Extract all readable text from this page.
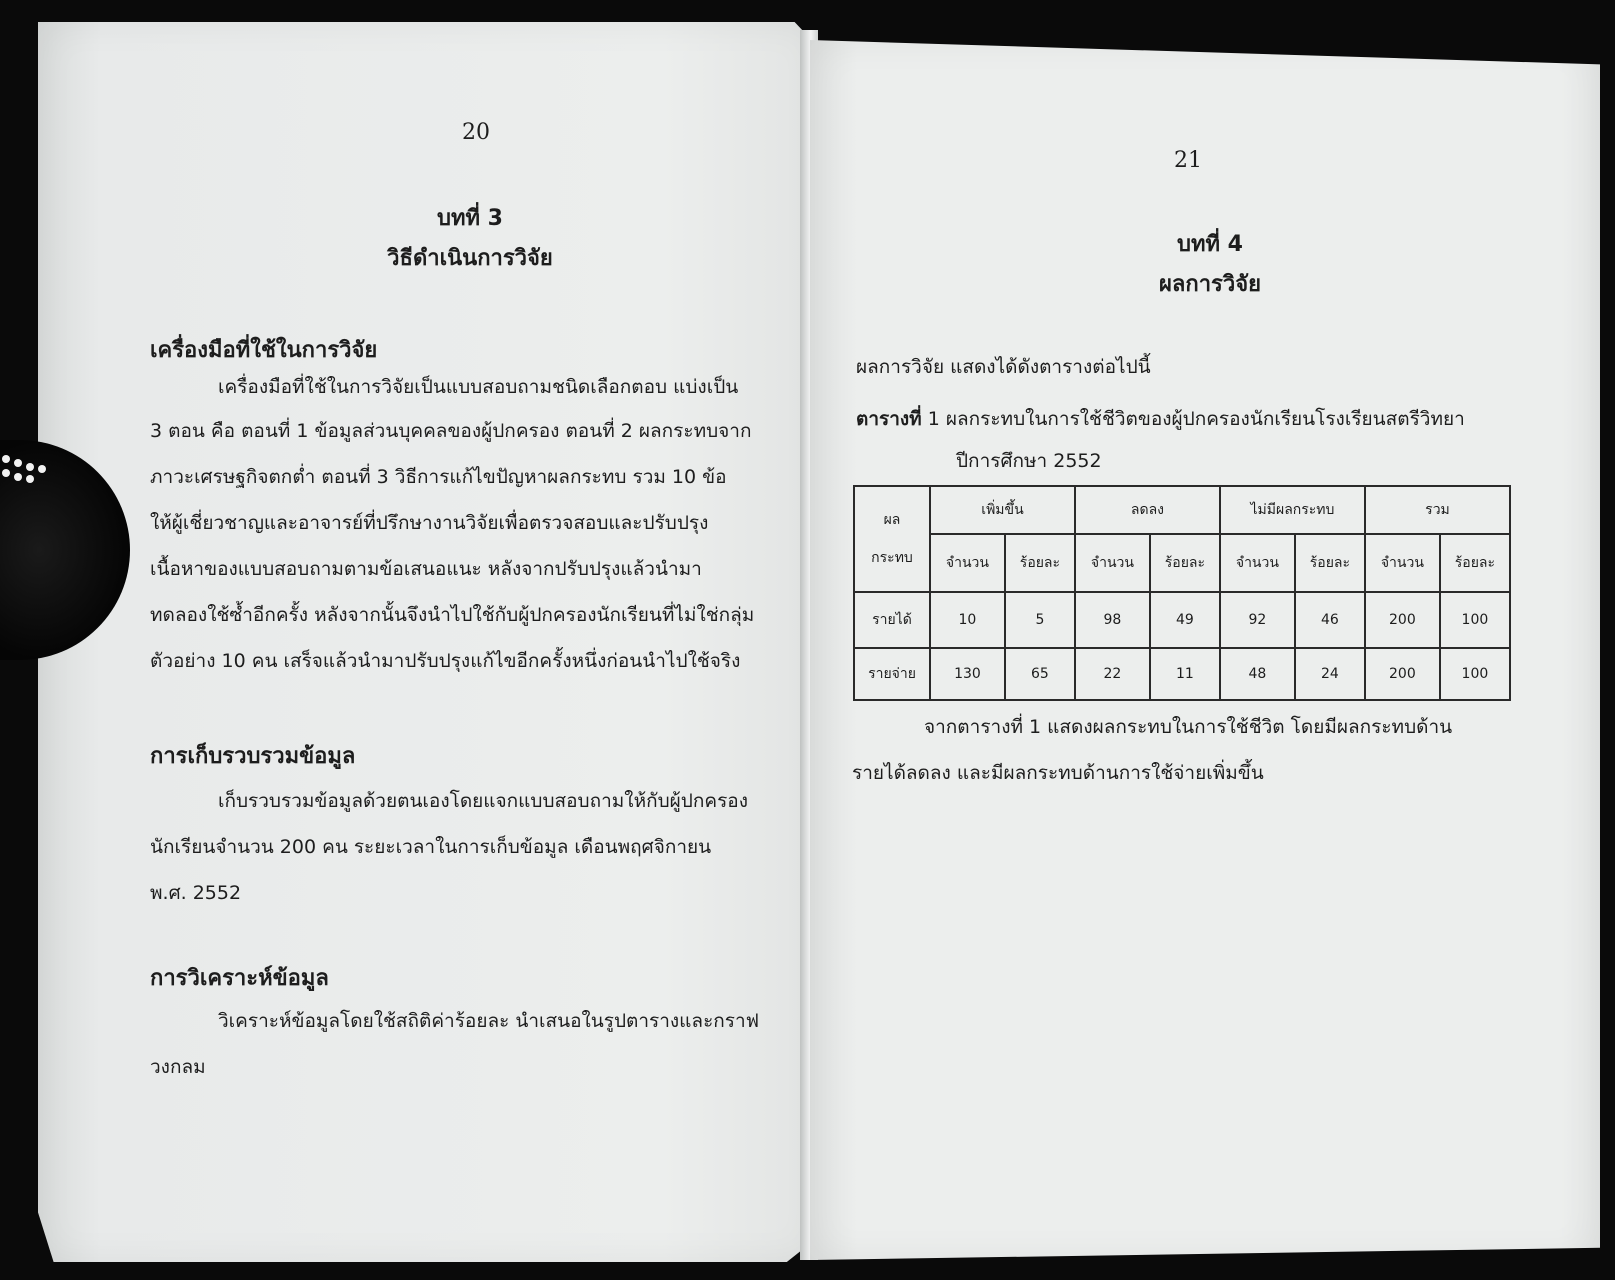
20
บทที่ 3
วิธีดำเนินการวิจัย
เครื่องมือที่ใช้ในการวิจัย
เครื่องมือที่ใช้ในการวิจัยเป็นแบบสอบถามชนิดเลือกตอบ แบ่งเป็น
3 ตอน คือ ตอนที่ 1 ข้อมูลส่วนบุคคลของผู้ปกครอง ตอนที่ 2 ผลกระทบจาก
ภาวะเศรษฐกิจตกต่ำ ตอนที่ 3 วิธีการแก้ไขปัญหาผลกระทบ รวม 10 ข้อ
ให้ผู้เชี่ยวชาญและอาจารย์ที่ปรึกษางานวิจัยเพื่อตรวจสอบและปรับปรุง
เนื้อหาของแบบสอบถามตามข้อเสนอแนะ หลังจากปรับปรุงแล้วนำมา
ทดลองใช้ซ้ำอีกครั้ง หลังจากนั้นจึงนำไปใช้กับผู้ปกครองนักเรียนที่ไม่ใช่กลุ่ม
ตัวอย่าง 10 คน เสร็จแล้วนำมาปรับปรุงแก้ไขอีกครั้งหนึ่งก่อนนำไปใช้จริง
การเก็บรวบรวมข้อมูล
เก็บรวบรวมข้อมูลด้วยตนเองโดยแจกแบบสอบถามให้กับผู้ปกครอง
นักเรียนจำนวน 200 คน ระยะเวลาในการเก็บข้อมูล เดือนพฤศจิกายน
พ.ศ. 2552
การวิเคราะห์ข้อมูล
วิเคราะห์ข้อมูลโดยใช้สถิติค่าร้อยละ นำเสนอในรูปตารางและกราฟ
วงกลม
21
บทที่ 4
ผลการวิจัย
ผลการวิจัย แสดงได้ดังตารางต่อไปนี้
ตารางที่ 1 ผลกระทบในการใช้ชีวิตของผู้ปกครองนักเรียนโรงเรียนสตรีวิทยา
ปีการศึกษา 2552
ผล

กระทบ	เพิ่มขึ้น		ลดลง		ไม่มีผลกระทบ		รวม	
	จำนวน	ร้อยละ	จำนวน	ร้อยละ	จำนวน	ร้อยละ	จำนวน	ร้อยละ
รายได้	10	5	98	49	92	46	200	100
รายจ่าย	130	65	22	11	48	24	200	100
จากตารางที่ 1 แสดงผลกระทบในการใช้ชีวิต โดยมีผลกระทบด้าน
รายได้ลดลง และมีผลกระทบด้านการใช้จ่ายเพิ่มขึ้น
